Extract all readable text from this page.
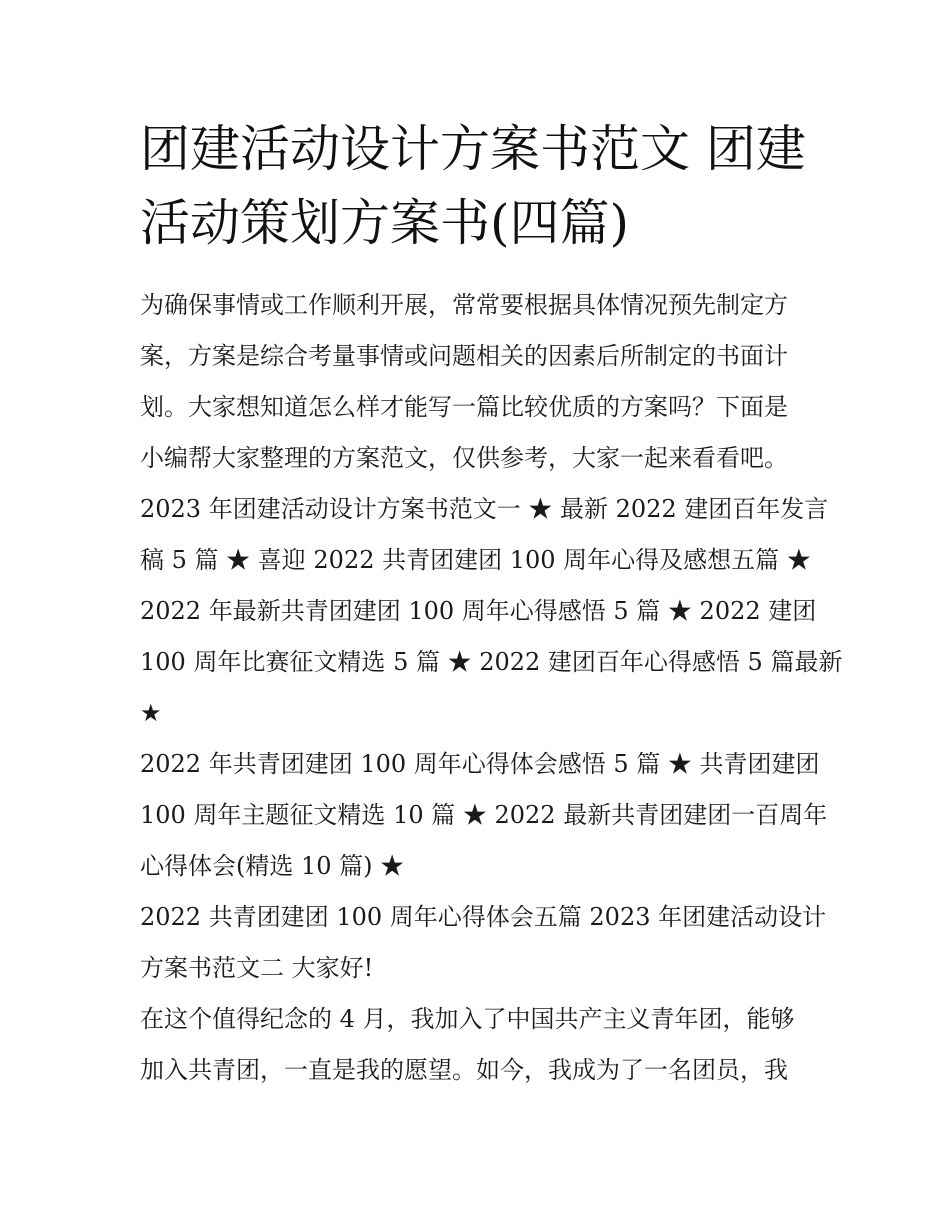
团建活动设计方案书范文 团建
活动策划方案书(四篇)
为确保事情或工作顺利开展，常常要根据具体情况预先制定方
案，方案是综合考量事情或问题相关的因素后所制定的书面计
划。大家想知道怎么样才能写一篇比较优质的方案吗？下面是
小编帮大家整理的方案范文，仅供参考，大家一起来看看吧。
2023 年团建活动设计方案书范文一 ★ 最新 2022 建团百年发言
稿 5 篇 ★ 喜迎 2022 共青团建团 100 周年心得及感想五篇 ★
2022 年最新共青团建团 100 周年心得感悟 5 篇 ★ 2022 建团
100 周年比赛征文精选 5 篇 ★ 2022 建团百年心得感悟 5 篇最新
★
2022 年共青团建团 100 周年心得体会感悟 5 篇 ★ 共青团建团
100 周年主题征文精选 10 篇 ★ 2022 最新共青团建团一百周年
心得体会(精选 10 篇) ★
2022 共青团建团 100 周年心得体会五篇 2023 年团建活动设计
方案书范文二 大家好!
在这个值得纪念的 4 月，我加入了中国共产主义青年团，能够
加入共青团，一直是我的愿望。如今，我成为了一名团员，我
